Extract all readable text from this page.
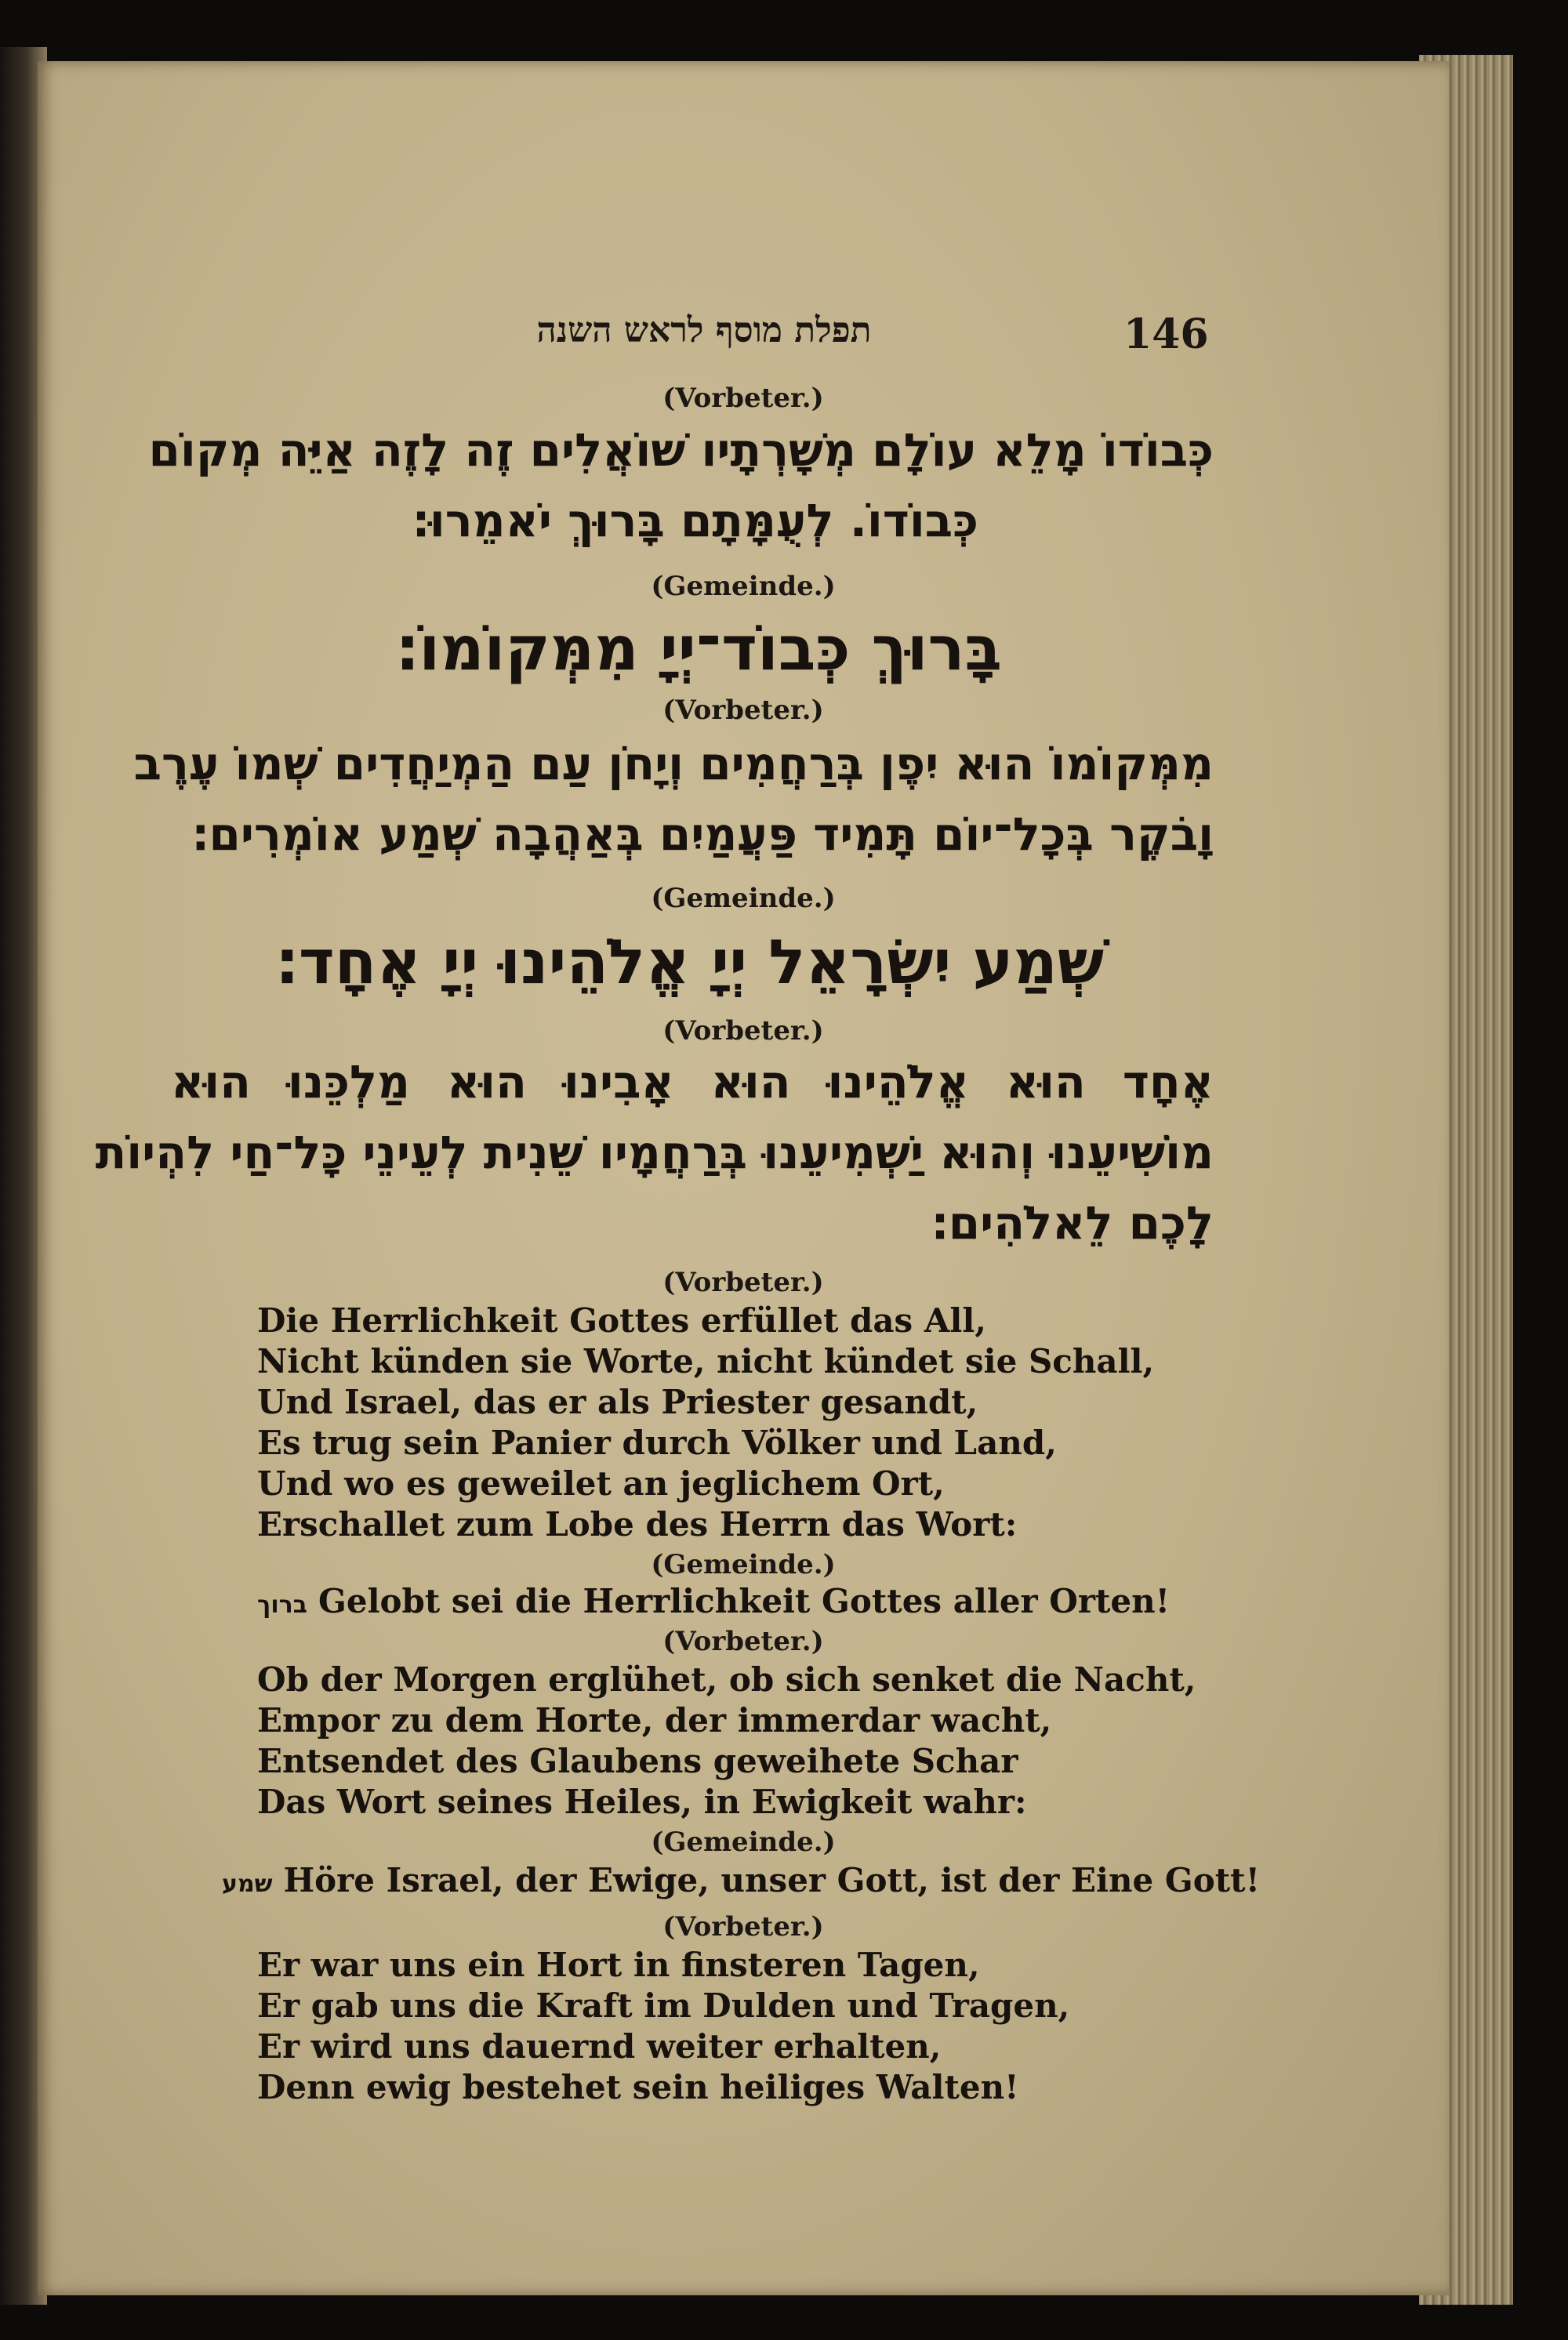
תפלת מוסף לראש השנה	146
(Vorbeter.)
כְּבוֹדוֹ מָלֵא עוֹלָם מְשָׁרְתָיו שׁוֹאֲלִים זֶה לָזֶה אַיֵּה מְקוֹם
כְּבוֹדוֹ. לְעֻמָּתָם בָּרוּךְ יֹאמֵרוּ׃
(Gemeinde.)
בָּרוּךְ כְּבוֹד־יְיָ מִמְּקוֹמוֹ׃
(Vorbeter.)
מִמְּקוֹמוֹ הוּא יִפֶן בְּרַחֲמִים וְיָחֹן עַם הַמְיַחֲדִים שְׁמוֹ עֶרֶב
וָבֹקֶר בְּכָל־יוֹם תָּמִיד פַּעֲמַיִם בְּאַהֲבָה שְׁמַע אוֹמְרִים׃
(Gemeinde.)
שְׁמַע יִשְׂרָאֵל יְיָ אֱלֹהֵינוּ יְיָ אֶחָד׃
(Vorbeter.)
אֶחָד הוּא אֱלֹהֵינוּ הוּא אָבִינוּ הוּא מַלְכֵּנוּ הוּא
מוֹשִׁיעֵנוּ וְהוּא יַשְׁמִיעֵנוּ בְּרַחֲמָיו שֵׁנִית לְעֵינֵי כָּל־חַי לִהְיוֹת
לָכֶם לֵאלֹהִים׃
(Vorbeter.)
Die Herrlichkeit Gottes erfüllet das All,
Nicht künden sie Worte, nicht kündet sie Schall,
Und Israel, das er als Priester gesandt,
Es trug sein Panier durch Völker und Land,
Und wo es geweilet an jeglichem Ort,
Erschallet zum Lobe des Herrn das Wort:
(Gemeinde.)
ברוך Gelobt sei die Herrlichkeit Gottes aller Orten!
(Vorbeter.)
Ob der Morgen erglühet, ob sich senket die Nacht,
Empor zu dem Horte, der immerdar wacht,
Entsendet des Glaubens geweihete Schar
Das Wort seines Heiles, in Ewigkeit wahr:
(Gemeinde.)
שמע Höre Israel, der Ewige, unser Gott, ist der Eine Gott!
(Vorbeter.)
Er war uns ein Hort in finsteren Tagen,
Er gab uns die Kraft im Dulden und Tragen,
Er wird uns dauernd weiter erhalten,
Denn ewig bestehet sein heiliges Walten!
